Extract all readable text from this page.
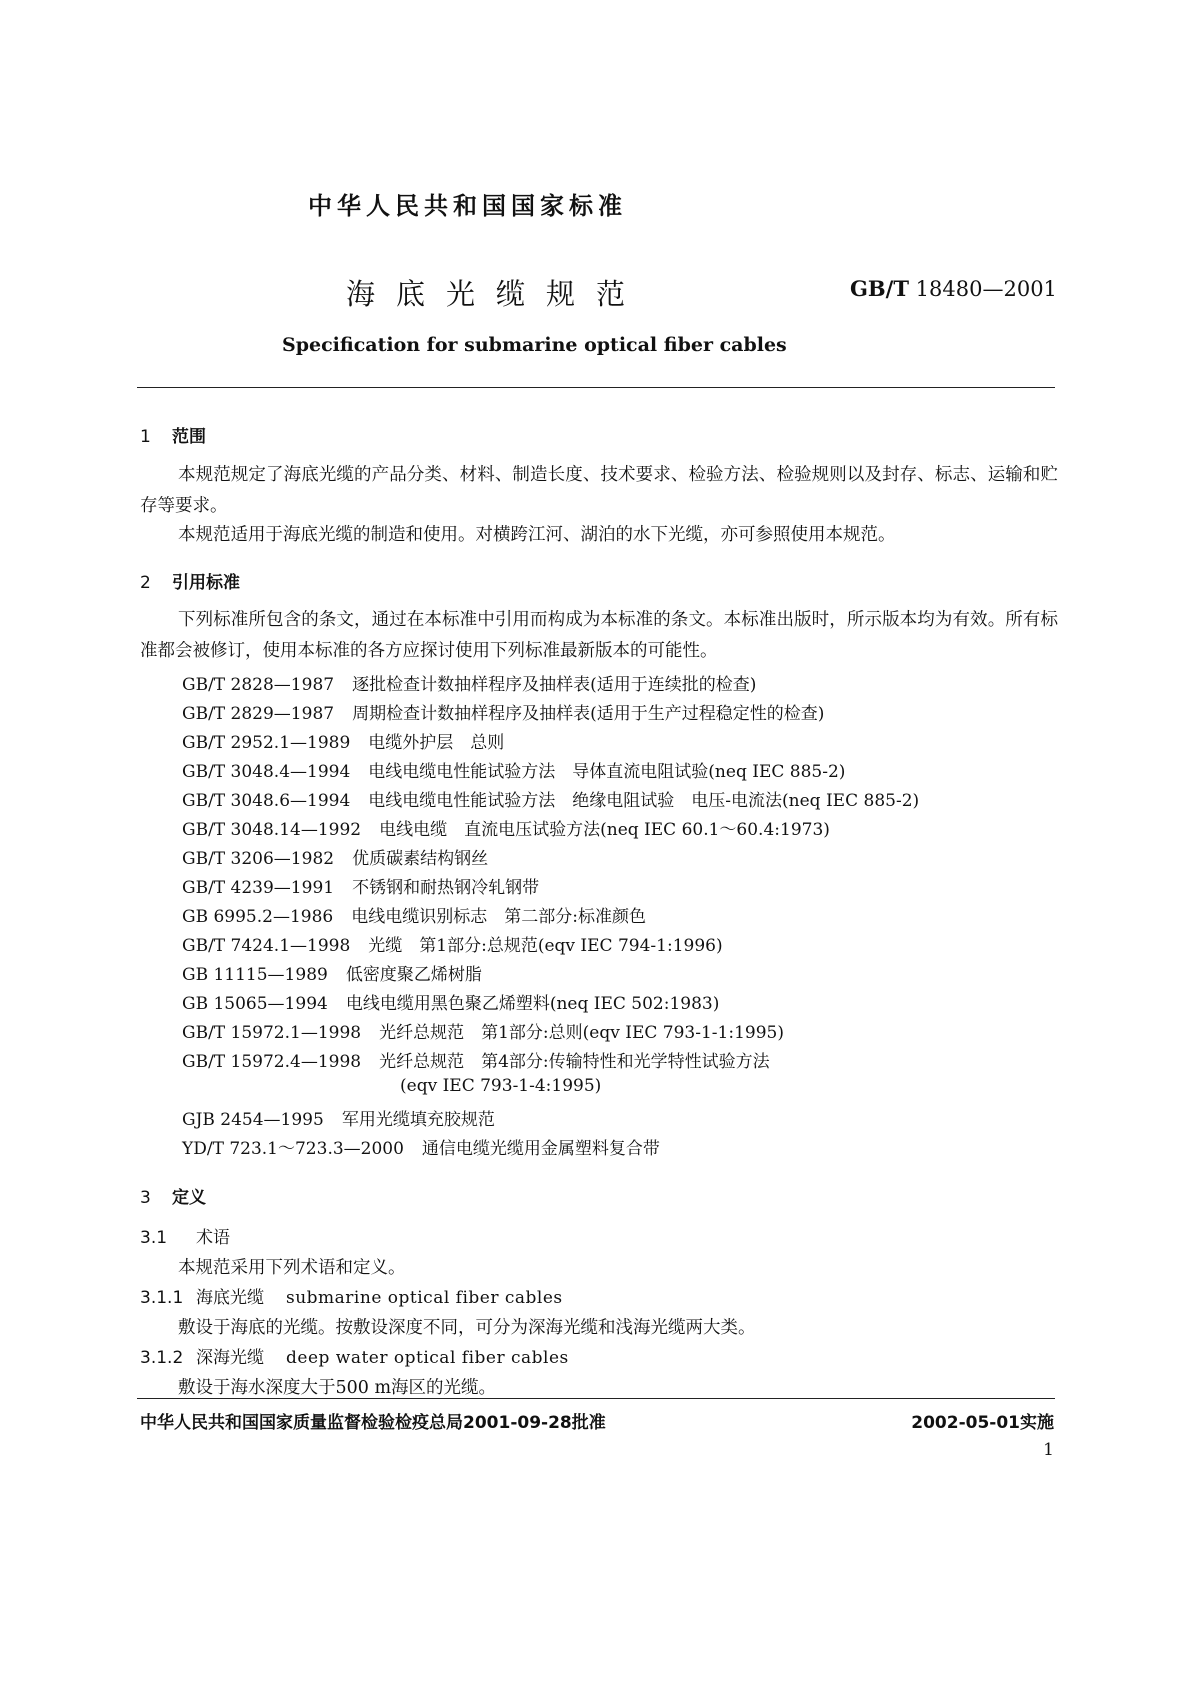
中华人民共和国国家标准
海底光缆规范	GB/T 18480—2001
Specification for submarine optical fiber cables
1 范围
本规范规定了海底光缆的产品分类、材料、制造长度、技术要求、检验方法、检验规则以及封存、标志、运输和贮存等要求。
本规范适用于海底光缆的制造和使用。对横跨江河、湖泊的水下光缆，亦可参照使用本规范。
2 引用标准
下列标准所包含的条文，通过在本标准中引用而构成为本标准的条文。本标准出版时，所示版本均为有效。所有标准都会被修订，使用本标准的各方应探讨使用下列标准最新版本的可能性。
GB/T 2828—1987 逐批检查计数抽样程序及抽样表(适用于连续批的检查)
GB/T 2829—1987 周期检查计数抽样程序及抽样表(适用于生产过程稳定性的检查)
GB/T 2952.1—1989 电缆外护层　总则
GB/T 3048.4—1994 电线电缆电性能试验方法　导体直流电阻试验(neq IEC 885-2)
GB/T 3048.6—1994 电线电缆电性能试验方法　绝缘电阻试验　电压-电流法(neq IEC 885-2)
GB/T 3048.14—1992 电线电缆　直流电压试验方法(neq IEC 60.1～60.4:1973)
GB/T 3206—1982 优质碳素结构钢丝
GB/T 4239—1991 不锈钢和耐热钢冷轧钢带
GB 6995.2—1986 电线电缆识别标志　第二部分:标准颜色
GB/T 7424.1—1998 光缆　第1部分:总规范(eqv IEC 794-1:1996)
GB 11115—1989 低密度聚乙烯树脂
GB 15065—1994 电线电缆用黑色聚乙烯塑料(neq IEC 502:1983)
GB/T 15972.1—1998 光纤总规范　第1部分:总则(eqv IEC 793-1-1:1995)
GB/T 15972.4—1998 光纤总规范　第4部分:传输特性和光学特性试验方法
(eqv IEC 793-1-4:1995)
GJB 2454—1995 军用光缆填充胶规范
YD/T 723.1～723.3—2000 通信电缆光缆用金属塑料复合带
3 定义
3.1 术语
本规范采用下列术语和定义。
3.1.1 海底光缆 submarine optical fiber cables
敷设于海底的光缆。按敷设深度不同，可分为深海光缆和浅海光缆两大类。
3.1.2 深海光缆 deep water optical fiber cables
敷设于海水深度大于500 m海区的光缆。
中华人民共和国国家质量监督检验检疫总局2001-09-28批准	2002-05-01实施
1
